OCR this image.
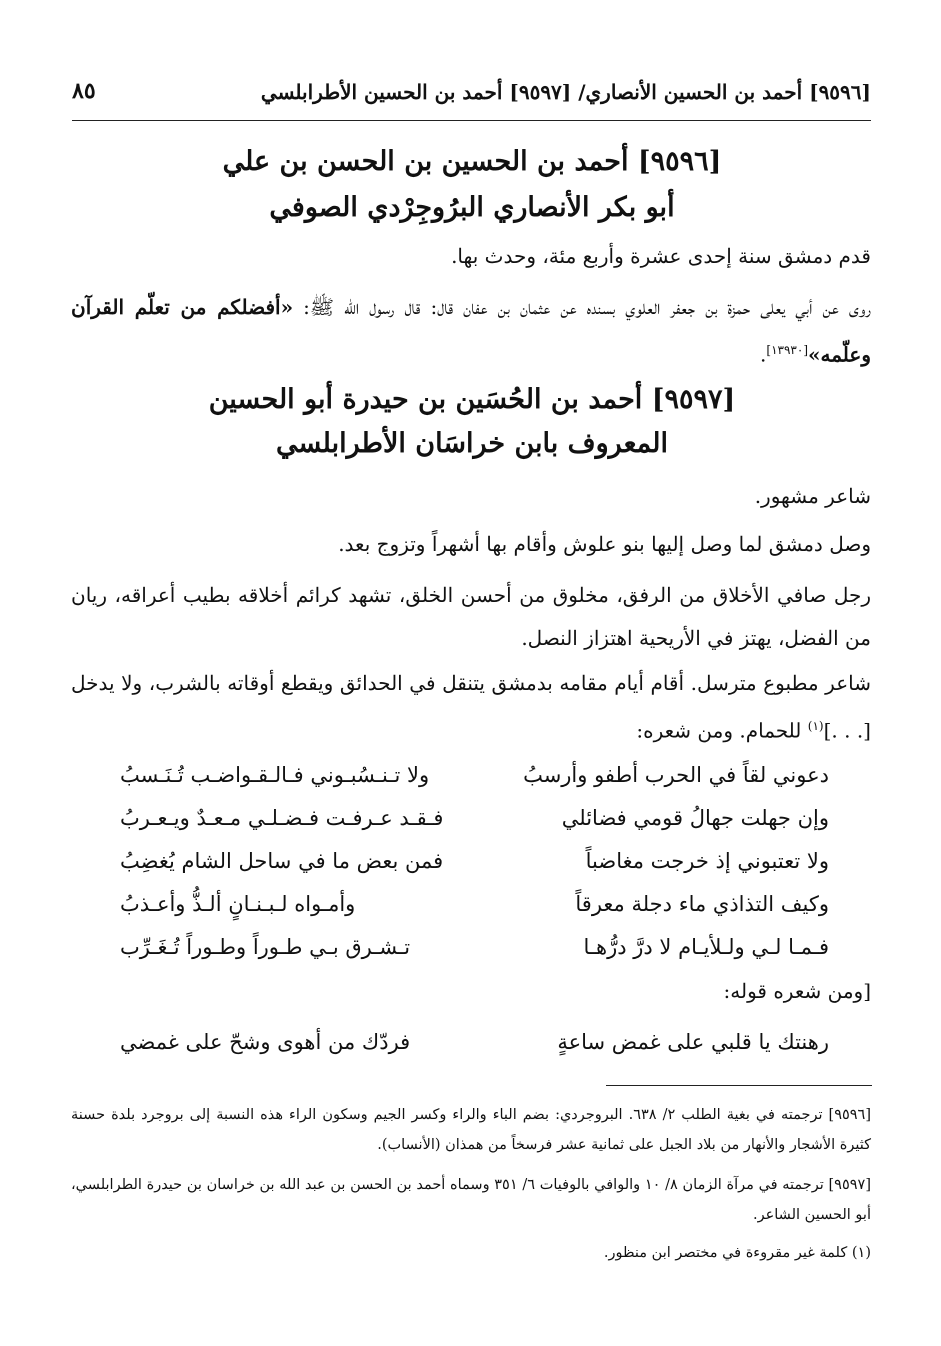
[٩٥٩٦] أحمد بن الحسين الأنصاري/ [٩٥٩٧] أحمد بن الحسين الأطرابلسي
٨٥
[٩٥٩٦] أحمد بن الحسين بن الحسن بن علي
أبو بكر الأنصاري البرُوجِرْدي الصوفي
قدم دمشق سنة إحدى عشرة وأربع مئة، وحدث بها.
روى عن أبي يعلى حمزة بن جعفر العلوي بسنده عن عثمان بن عفان قال: قال رسول الله ﷺ: «أفضلكم من تعلّم القرآن وعلّمه»[١٣٩٣٠].
[٩٥٩٧] أحمد بن الحُسَين بن حيدرة أبو الحسين
المعروف بابن خراسَان الأطرابلسي
شاعر مشهور.
وصل دمشق لما وصل إليها بنو علوش وأقام بها أشهراً وتزوج بعد.
رجل صافي الأخلاق من الرفق، مخلوق من أحسن الخلق، تشهد كرائم أخلاقه بطيب أعراقه، ريان من الفضل، يهتز في الأريحية اهتزاز النصل.
شاعر مطبوع مترسل. أقام أيام مقامه بدمشق يتنقل في الحدائق ويقطع أوقاته بالشرب، ولا يدخل [. . .]$^{(١)}$ للحمام. ومن شعره:
دعوني لقاً في الحرب أطفو وأرسبُ
ولا تـنـسُبـوني فـالـقـواضـب تُـنَـسبُ
وإن جهلت جهالُ قومي فضائلي
فـقـد عـرفـت فـضـلـي مـعـدٌ ويـعـربُ
ولا تعتبوني إذ خرجت مغاضباً
فمن بعض ما في ساحل الشام يُغضِبُ
وكيف التذاذي ماء دجلة معرقاً
وأمـواه لـبـنـانٍ ألـذُّ وأعـذبُ
فـمـا لـي ولـلأيـام لا درَّ درُّهـا
تـشـرق بـي طـوراً وطـوراً تُـغَـرِّب
[ومن شعره قوله:
رهنتك يا قلبي على غمض ساعةٍ
فردّك من أهوى وشحّ على غمضي
[٩٥٩٦] ترجمته في بغية الطلب ٢/ ٦٣٨. البروجردي: بضم الباء والراء وكسر الجيم وسكون الراء هذه النسبة إلى بروجرد بلدة حسنة كثيرة الأشجار والأنهار من بلاد الجبل على ثمانية عشر فرسخاً من همذان (الأنساب).
[٩٥٩٧] ترجمته في مرآة الزمان ٨/ ١٠ والوافي بالوفيات ٦/ ٣٥١ وسماه أحمد بن الحسن بن عبد الله بن خراسان بن حيدرة الطرابلسي، أبو الحسين الشاعر.
(١) كلمة غير مقروءة في مختصر ابن منظور.
